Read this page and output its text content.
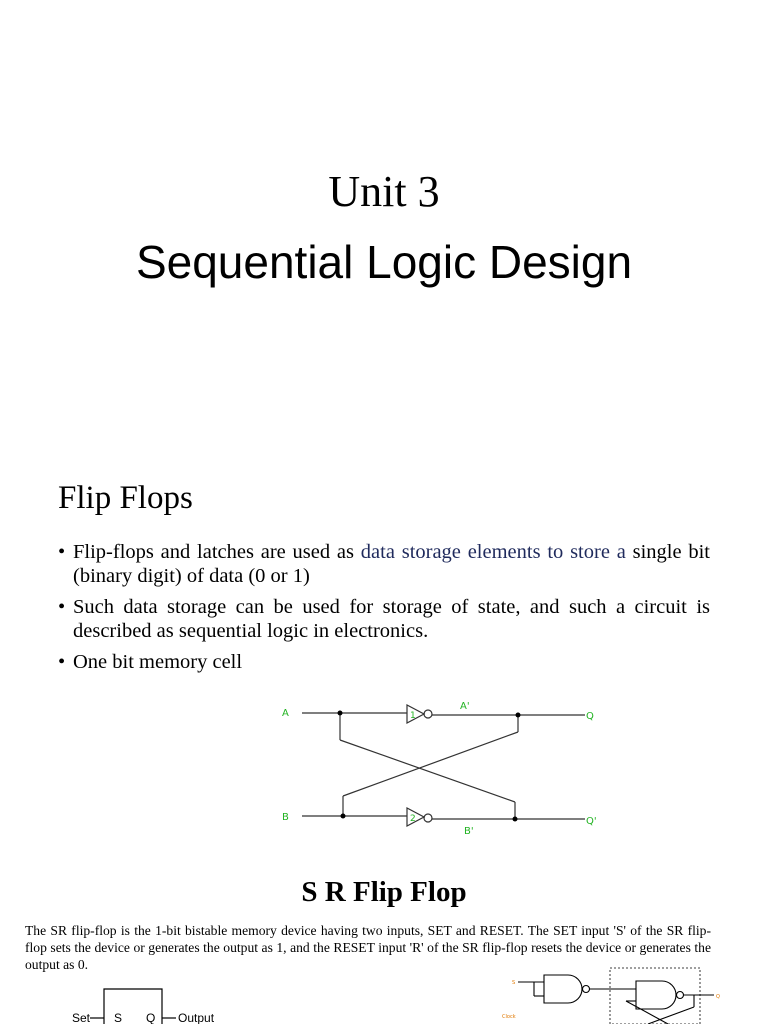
Unit 3
Sequential Logic Design
Flip Flops
• Flip-flops and latches are used as data storage elements to store a single bit (binary digit) of data (0 or 1)
• Such data storage can be used for storage of state, and such a circuit is described as sequential logic in electronics.
• One bit memory cell
A
B
1
2
A'
B'
Q
Q'
S R Flip Flop
The SR flip-flop is the 1-bit bistable memory device having two inputs, SET and RESET. The SET input 'S' of the SR flip-flop sets the device or generates the output as 1, and the RESET input 'R' of the SR flip-flop resets the device or generates the output as 0.
Set S Q Output
S
Clock
Q
